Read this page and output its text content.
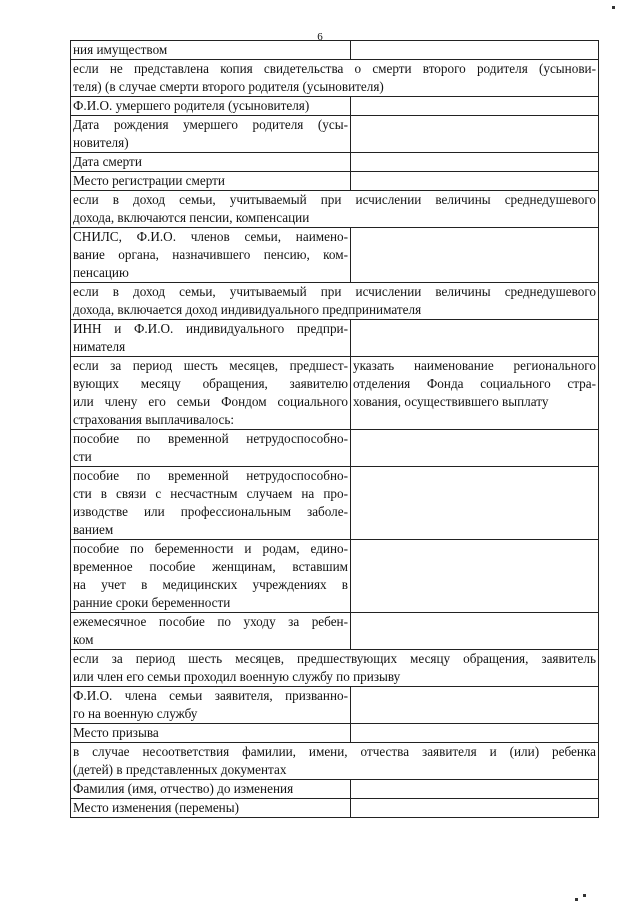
6
ния имуществом	

если не представлена копия свидетельства о смерти второго родителя (усынови-
теля) (в случае смерти второго родителя (усыновителя)	

Ф.И.О. умершего родителя (усыновителя)	

Дата рождения умершего родителя (усы-
новителя)	

Дата смерти	

Место регистрации смерти	

если в доход семьи, учитываемый при исчислении величины среднедушевого
дохода, включаются пенсии, компенсации	

СНИЛС, Ф.И.О. членов семьи, наимено-
вание органа, назначившего пенсию, ком-
пенсацию	

если в доход семьи, учитываемый при исчислении величины среднедушевого
дохода, включается доход индивидуального предпринимателя	

ИНН и Ф.И.О. индивидуального предпри-
нимателя	

если за период шесть месяцев, предшест-
вующих месяцу обращения, заявителю
или члену его семьи Фондом социального
страхования выплачивалось:	указать наименование регионального
отделения Фонда социального стра-
хования, осуществившего выплату

пособие по временной нетрудоспособно-
сти	

пособие по временной нетрудоспособно-
сти в связи с несчастным случаем на про-
изводстве или профессиональным заболе-
ванием	

пособие по беременности и родам, едино-
временное пособие женщинам, вставшим
на учет в медицинских учреждениях в
ранние сроки беременности	

ежемесячное пособие по уходу за ребен-
ком	

если за период шесть месяцев, предшествующих месяцу обращения, заявитель
или член его семьи проходил военную службу по призыву	

Ф.И.О. члена семьи заявителя, призванно-
го на военную службу	

Место призыва	

в случае несоответствия фамилии, имени, отчества заявителя и (или) ребенка
(детей) в представленных документах	

Фамилия (имя, отчество) до изменения	

Место изменения (перемены)	
